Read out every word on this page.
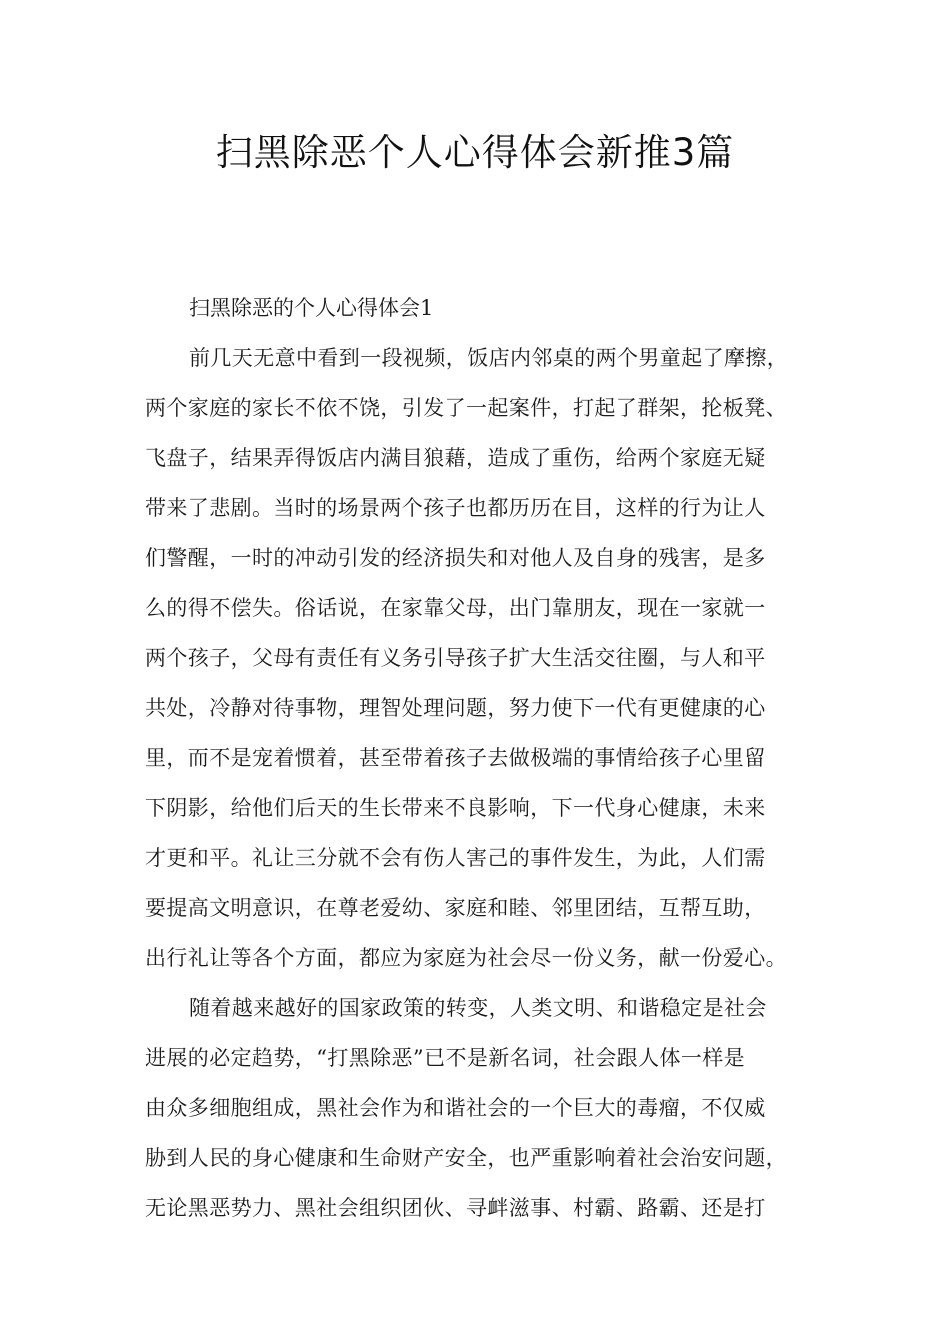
扫黑除恶个人心得体会新推3篇

扫黑除恶的个人心得体会1

前几天无意中看到一段视频，饭店内邻桌的两个男童起了摩擦，
两个家庭的家长不依不饶，引发了一起案件，打起了群架，抡板凳、
飞盘子，结果弄得饭店内满目狼藉，造成了重伤，给两个家庭无疑
带来了悲剧。当时的场景两个孩子也都历历在目，这样的行为让人
们警醒，一时的冲动引发的经济损失和对他人及自身的残害，是多
么的得不偿失。俗话说，在家靠父母，出门靠朋友，现在一家就一
两个孩子，父母有责任有义务引导孩子扩大生活交往圈，与人和平
共处，冷静对待事物，理智处理问题，努力使下一代有更健康的心
里，而不是宠着惯着，甚至带着孩子去做极端的事情给孩子心里留
下阴影，给他们后天的生长带来不良影响，下一代身心健康，未来
才更和平。礼让三分就不会有伤人害己的事件发生，为此，人们需
要提高文明意识，在尊老爱幼、家庭和睦、邻里团结，互帮互助，
出行礼让等各个方面，都应为家庭为社会尽一份义务，献一份爱心。

随着越来越好的国家政策的转变，人类文明、和谐稳定是社会
进展的必定趋势，“打黑除恶”已不是新名词，社会跟人体一样是
由众多细胞组成，黑社会作为和谐社会的一个巨大的毒瘤，不仅威
胁到人民的身心健康和生命财产安全，也严重影响着社会治安问题，
无论黑恶势力、黑社会组织团伙、寻衅滋事、村霸、路霸、还是打
